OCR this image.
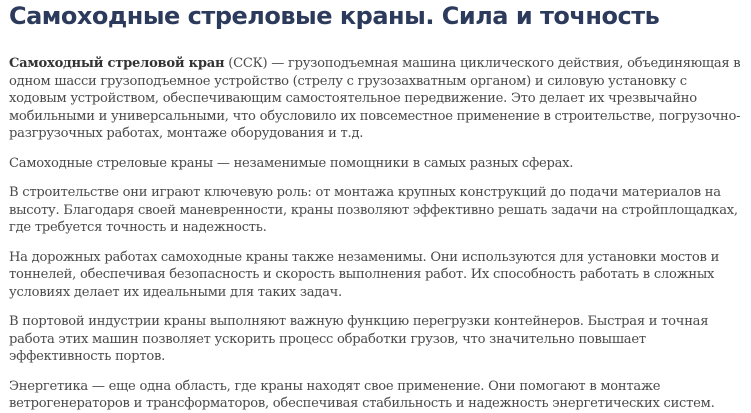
Самоходные стреловые краны. Сила и точность

Самоходный стреловой кран (ССК) — грузоподъемная машина циклического действия, объединяющая в одном шасси грузоподъемное устройство (стрелу с грузозахватным органом) и силовую установку с ходовым устройством, обеспечивающим самостоятельное передвижение. Это делает их чрезвычайно мобильными и универсальными, что обусловило их повсеместное применение в строительстве, погрузочно-разгрузочных работах, монтаже оборудования и т.д.

Самоходные стреловые краны — незаменимые помощники в самых разных сферах.

В строительстве они играют ключевую роль: от монтажа крупных конструкций до подачи материалов на высоту. Благодаря своей маневренности, краны позволяют эффективно решать задачи на стройплощадках, где требуется точность и надежность.

На дорожных работах самоходные краны также незаменимы. Они используются для установки мостов и тоннелей, обеспечивая безопасность и скорость выполнения работ. Их способность работать в сложных условиях делает их идеальными для таких задач.

В портовой индустрии краны выполняют важную функцию перегрузки контейнеров. Быстрая и точная работа этих машин позволяет ускорить процесс обработки грузов, что значительно повышает эффективность портов.

Энергетика — еще одна область, где краны находят свое применение. Они помогают в монтаже ветрогенераторов и трансформаторов, обеспечивая стабильность и надежность энергетических систем.
